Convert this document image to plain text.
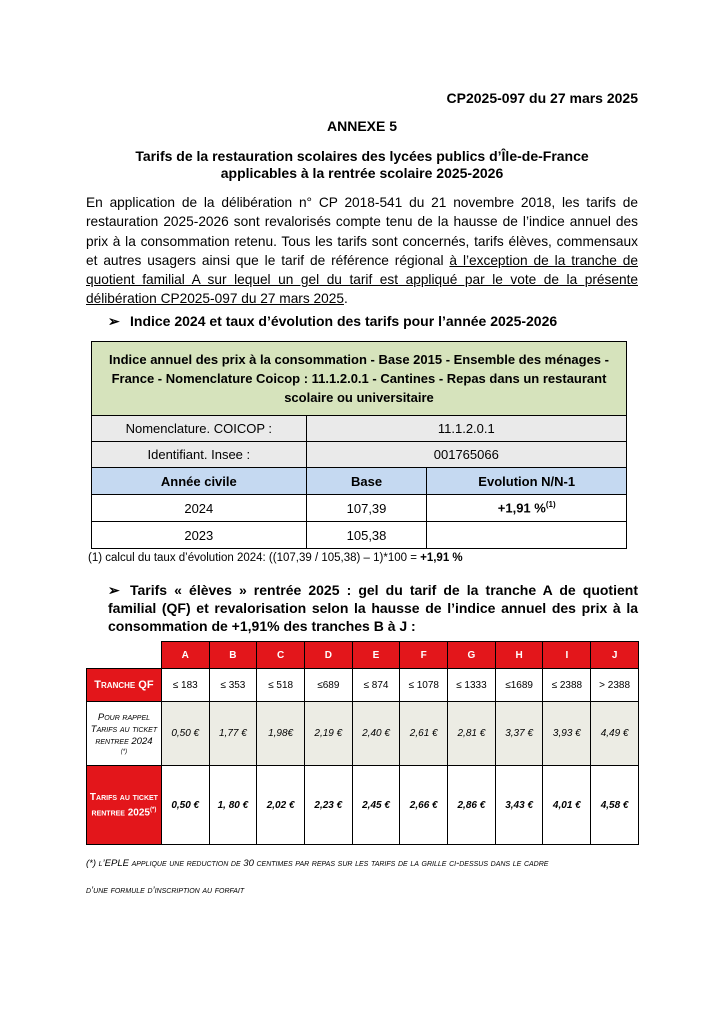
CP2025-097 du 27 mars 2025
ANNEXE 5
Tarifs de la restauration scolaires des lycées publics d’Île-de-France
applicables à la rentrée scolaire 2025-2026
En application de la délibération n° CP 2018-541 du 21 novembre 2018, les tarifs de restauration 2025-2026 sont revalorisés compte tenu de la hausse de l’indice annuel des prix à la consommation retenu. Tous les tarifs sont concernés, tarifs élèves, commensaux et autres usagers ainsi que le tarif de référence régional à l’exception de la tranche de quotient familial A sur lequel un gel du tarif est appliqué par le vote de la présente délibération CP2025-097 du 27 mars 2025.
➢ Indice 2024 et taux d’évolution des tarifs pour l’année 2025-2026
Indice annuel des prix à la consommation - Base 2015 - Ensemble des ménages - France - Nomenclature Coicop : 11.1.2.0.1 - Cantines - Repas dans un restaurant scolaire ou universitaire		
Nomenclature. COICOP :	11.1.2.0.1	
Identifiant. Insee :	001765066	
Année civile	Base	Evolution N/N-1
2024	107,39	+1,91 %$^{(1)}$
2023	105,38	
(1) calcul du taux d’évolution 2024: ((107,39 / 105,38) – 1)*100 = +1,91 %
➢ Tarifs « élèves » rentrée 2025 : gel du tarif de la tranche A de quotient familial (QF) et revalorisation selon la hausse de l’indice annuel des prix à la consommation de +1,91% des tranches B à J :
	A	B	C	D	E	F	G	H	I	J
Tranche QF	≤ 183	≤ 353	≤ 518	≤689	≤ 874	≤ 1078	≤ 1333	≤1689	≤ 2388	> 2388

Pour rappel
Tarifs au ticket rentree 2024
(*)	0,50 €	1,77 €	1,98€	2,19 €	2,40 €	2,61 €	2,81 €	3,37 €	3,93 €	4,49 €
Tarifs au ticket rentree 2025(*)	0,50 €	1, 80 €	2,02 €	2,23 €	2,45 €	2,66 €	2,86 €	3,43 €	4,01 €	4,58 €
(*) l’EPLE applique une reduction de 30 centimes par repas sur les tarifs de la grille ci-dessus dans le cadre
d’une formule d’inscription au forfait
